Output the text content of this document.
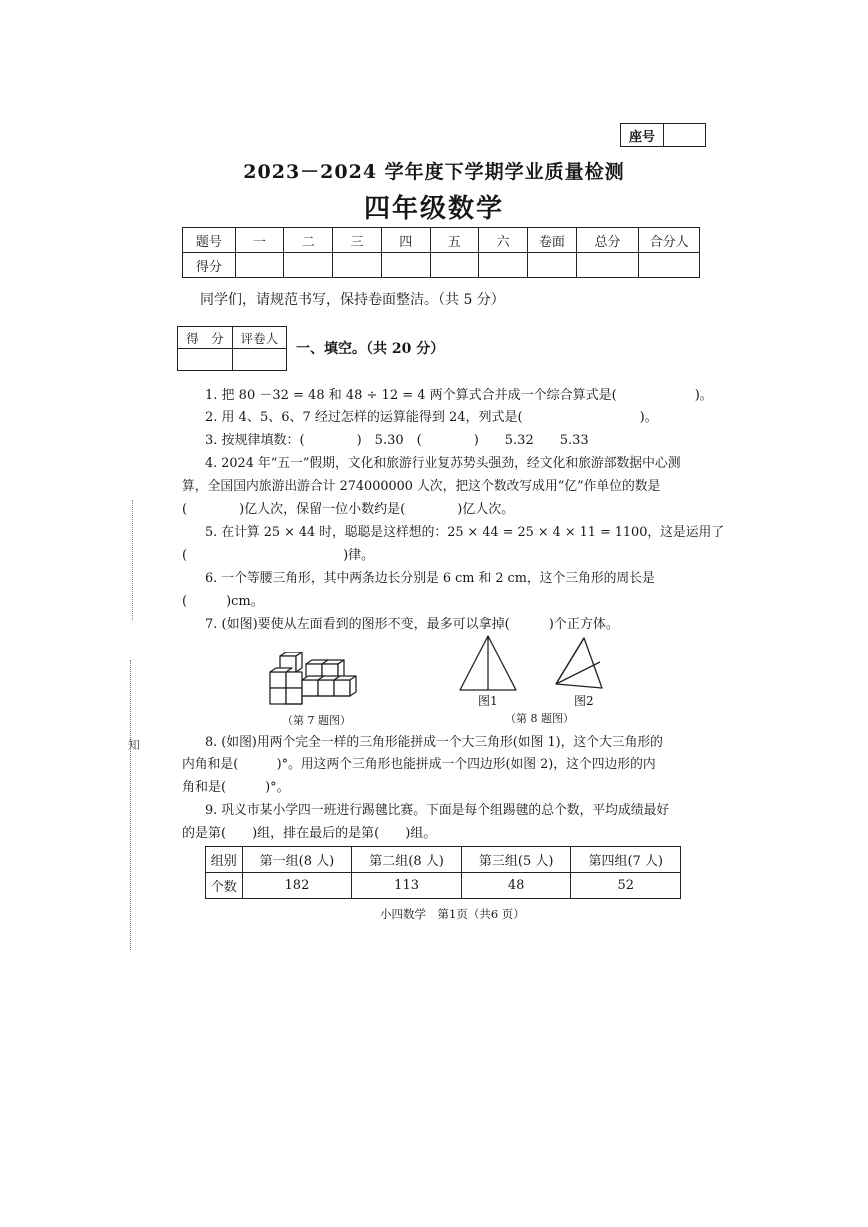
座号
2023－2024 学年度下学期学业质量检测
四年级数学
题号	一	二	三	四	五	六	卷面	总分	合分人
得分									
同学们，请规范书写，保持卷面整洁。（共 5 分）
得　分	评卷人

一、填空。（共 20 分）
1. 把 80 －32 = 48 和 48 ÷ 12 = 4 两个算式合并成一个综合算式是(　　　　　　)。
2. 用 4、5、6、7 经过怎样的运算能得到 24，列式是(　　　　　　　　　)。
3. 按规律填数：(　　　　)　5.30　(　　　　)　　5.32　　5.33
4. 2024 年“五一”假期，文化和旅游行业复苏势头强劲，经文化和旅游部数据中心测
算，全国国内旅游出游合计 274000000 人次，把这个数改写成用“亿”作单位的数是
(　　　　)亿人次，保留一位小数约是(　　　　)亿人次。
5. 在计算 25 × 44 时，聪聪是这样想的：25 × 44 = 25 × 4 × 11 = 1100，这是运用了
(　　　　　　　　　　　　)律。
6. 一个等腰三角形，其中两条边长分别是 6 cm 和 2 cm，这个三角形的周长是
(　　　)cm。
7. (如图)要使从左面看到的图形不变，最多可以拿掉(　　　)个正方体。
（第 7 题图）
图1	图2
（第 8 题图）
8. (如图)用两个完全一样的三角形能拼成一个大三角形(如图 1)，这个大三角形的
内角和是(　　　)°。用这两个三角形也能拼成一个四边形(如图 2)，这个四边形的内
角和是(　　　)°。
9. 巩义市某小学四一班进行踢毽比赛。下面是每个组踢毽的总个数，平均成绩最好
的是第(　　)组，排在最后的是第(　　)组。
组别	第一组(8 人)	第二组(8 人)	第三组(5 人)	第四组(7 人)
个数	182	113	48	52
小四数学　第1页（共6 页）
知
